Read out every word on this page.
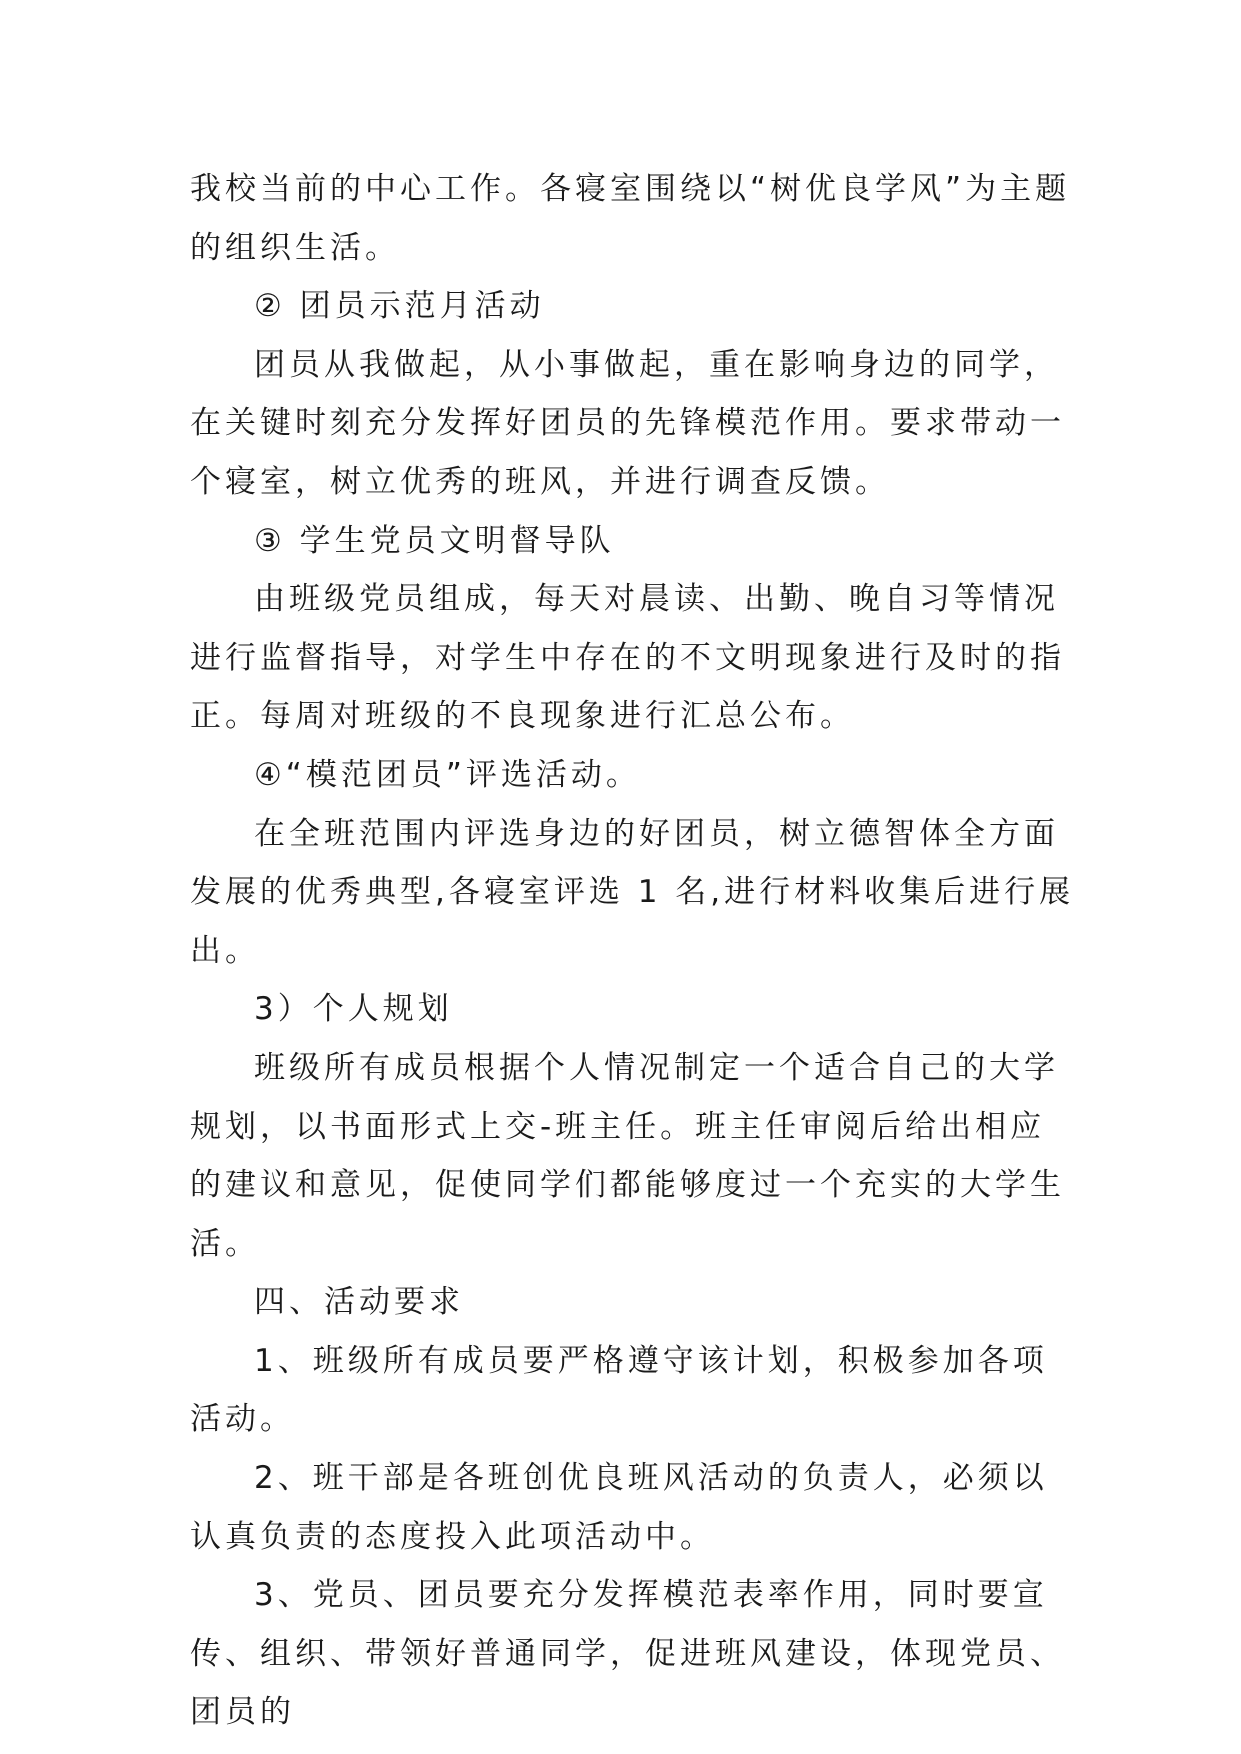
我校当前的中心工作。各寝室围绕以“树优良学风”为主题的组织生活。

② 团员示范月活动

团员从我做起，从小事做起，重在影响身边的同学，在关键时刻充分发挥好团员的先锋模范作用。要求带动一个寝室，树立优秀的班风，并进行调查反馈。

③ 学生党员文明督导队

由班级党员组成，每天对晨读、出勤、晚自习等情况进行监督指导，对学生中存在的不文明现象进行及时的指正。每周对班级的不良现象进行汇总公布。

④“模范团员”评选活动。

在全班范围内评选身边的好团员，树立德智体全方面发展的优秀典型,各寝室评选 1 名,进行材料收集后进行展出。

3）个人规划

班级所有成员根据个人情况制定一个适合自己的大学规划，以书面形式上交-班主任。班主任审阅后给出相应的建议和意见，促使同学们都能够度过一个充实的大学生活。

四、活动要求

1、班级所有成员要严格遵守该计划，积极参加各项活动。

2、班干部是各班创优良班风活动的负责人，必须以认真负责的态度投入此项活动中。

3、党员、团员要充分发挥模范表率作用，同时要宣传、组织、带领好普通同学，促进班风建设，体现党员、团员的
